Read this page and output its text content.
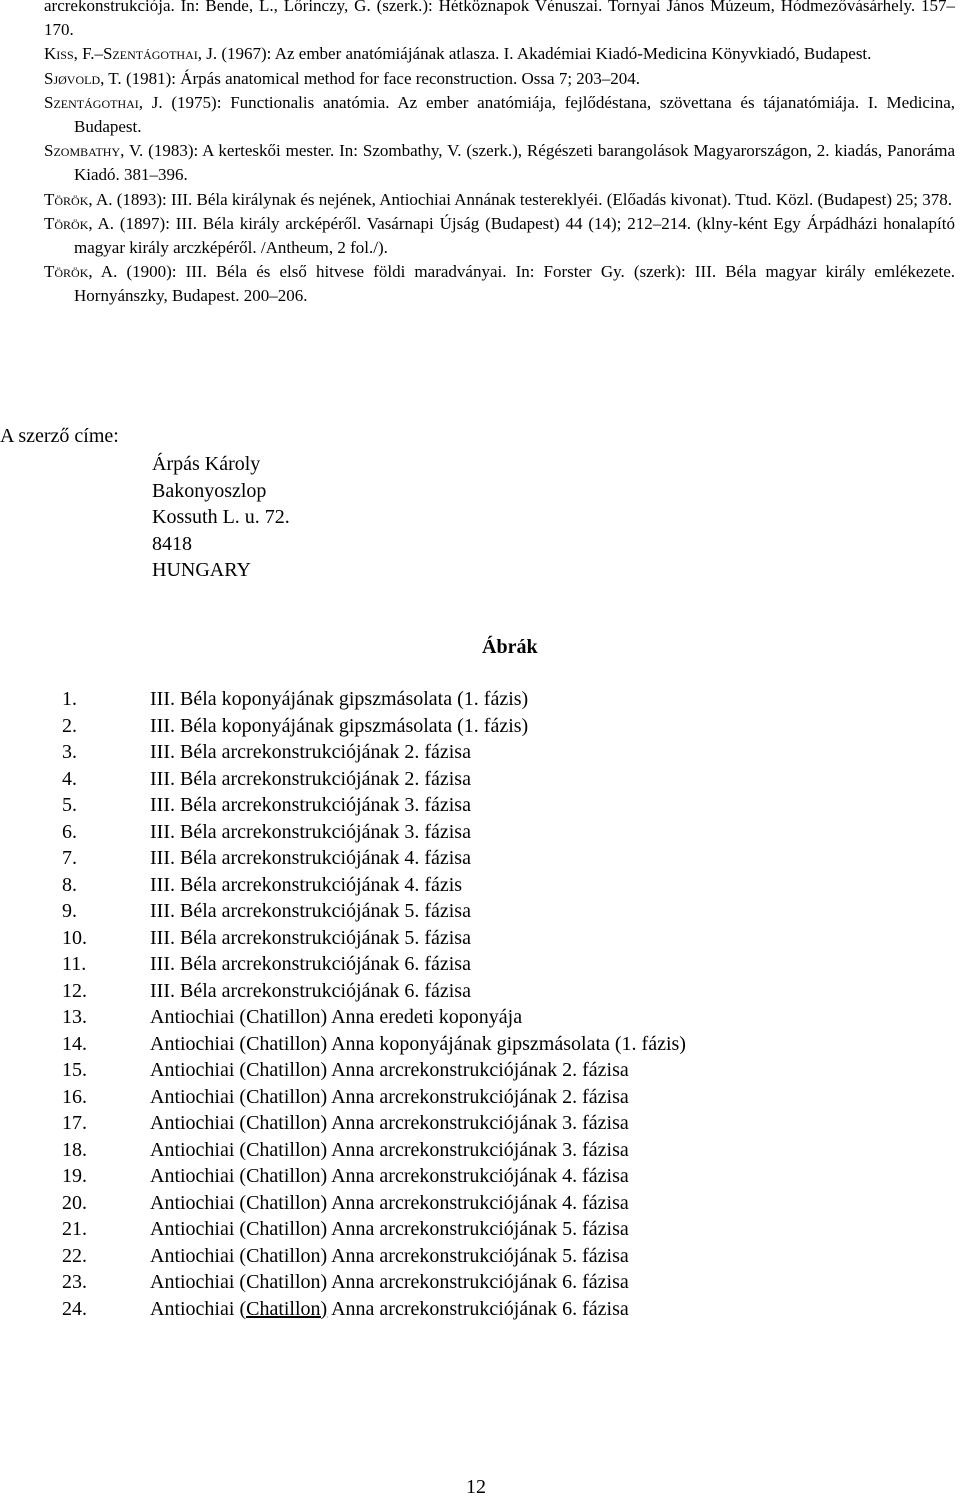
arcrekonstrukciója. In: Bende, L., Lőrinczy, G. (szerk.): Hétköznapok Vénuszai. Tornyai János Múzeum, Hódmezővásárhely. 157–170.
Kiss, F.–Szentágothai, J. (1967): Az ember anatómiájának atlasza. I. Akadémiai Kiadó-Medicina Könyvkiadó, Budapest.
Sjøvold, T. (1981): Árpás anatomical method for face reconstruction. Ossa 7; 203–204.
Szentágothai, J. (1975): Functionalis anatómia. Az ember anatómiája, fejlődéstana, szövettana és tájanatómiája. I. Medicina, Budapest.
Szombathy, V. (1983): A kerteskői mester. In: Szombathy, V. (szerk.), Régészeti barangolások Magyarországon, 2. kiadás, Panoráma Kiadó. 381–396.
Török, A. (1893): III. Béla királynak és nejének, Antiochiai Annának testereklyéi. (Előadás kivonat). Ttud. Közl. (Budapest) 25; 378.
Török, A. (1897): III. Béla király arcképéről. Vasárnapi Újság (Budapest) 44 (14); 212–214. (klny-ként Egy Árpádházi honalapító magyar király arczképéről. /Antheum, 2 fol./).
Török, A. (1900): III. Béla és első hitvese földi maradványai. In: Forster Gy. (szerk): III. Béla magyar király emlékezete. Hornyánszky, Budapest. 200–206.
A szerző címe:
Árpás Károly
Bakonyoszlop
Kossuth L. u. 72.
8418
HUNGARY
Ábrák
1.	III. Béla koponyájának gipszmásolata (1. fázis)
2.	III. Béla koponyájának gipszmásolata (1. fázis)
3.	III. Béla arcrekonstrukciójának 2. fázisa
4.	III. Béla arcrekonstrukciójának 2. fázisa
5.	III. Béla arcrekonstrukciójának 3. fázisa
6.	III. Béla arcrekonstrukciójának 3. fázisa
7.	III. Béla arcrekonstrukciójának 4. fázisa
8.	III. Béla arcrekonstrukciójának 4. fázis
9.	III. Béla arcrekonstrukciójának 5. fázisa
10.	III. Béla arcrekonstrukciójának 5. fázisa
11.	III. Béla arcrekonstrukciójának 6. fázisa
12.	III. Béla arcrekonstrukciójának 6. fázisa
13.	Antiochiai (Chatillon) Anna eredeti koponyája
14.	Antiochiai (Chatillon) Anna koponyájának gipszmásolata (1. fázis)
15.	Antiochiai (Chatillon) Anna arcrekonstrukciójának 2. fázisa
16.	Antiochiai (Chatillon) Anna arcrekonstrukciójának 2. fázisa
17.	Antiochiai (Chatillon) Anna arcrekonstrukciójának 3. fázisa
18.	Antiochiai (Chatillon) Anna arcrekonstrukciójának 3. fázisa
19.	Antiochiai (Chatillon) Anna arcrekonstrukciójának 4. fázisa
20.	Antiochiai (Chatillon) Anna arcrekonstrukciójának 4. fázisa
21.	Antiochiai (Chatillon) Anna arcrekonstrukciójának 5. fázisa
22.	Antiochiai (Chatillon) Anna arcrekonstrukciójának 5. fázisa
23.	Antiochiai (Chatillon) Anna arcrekonstrukciójának 6. fázisa
24.	Antiochiai (Chatillon) Anna arcrekonstrukciójának 6. fázisa
12
